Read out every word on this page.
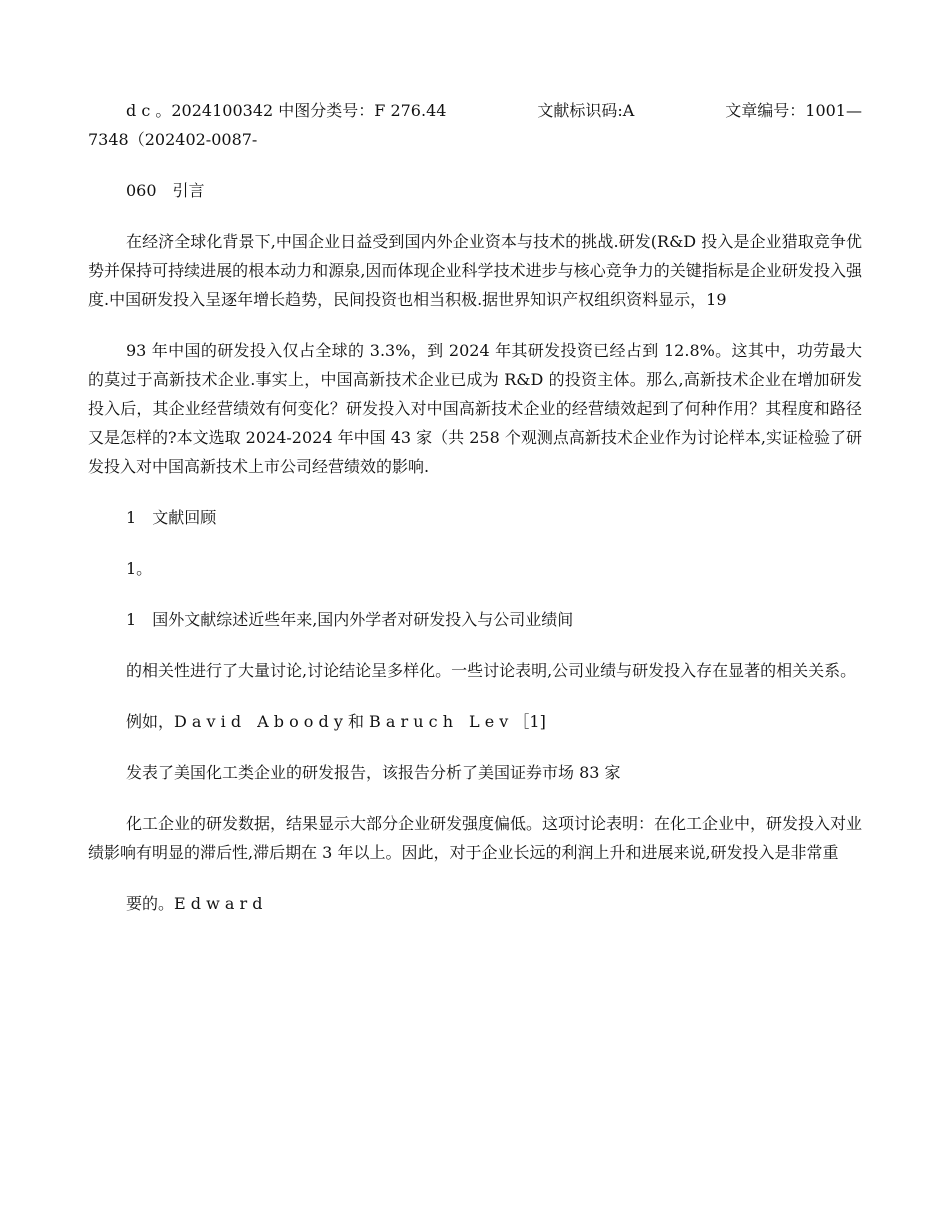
d c 。2024100342 中图分类号：F 276.44	文献标识码:A	文章编号：1001—

7348（202402-0087-

060 引言

在经济全球化背景下,中国企业日益受到国内外企业资本与技术的挑战.研发(R&D 投入是企业猎取竞争优势并保持可持续进展的根本动力和源泉,因而体现企业科学技术进步与核心竞争力的关键指标是企业研发投入强度.中国研发投入呈逐年增长趋势，民间投资也相当积极.据世界知识产权组织资料显示，19

93 年中国的研发投入仅占全球的 3.3%，到 2024 年其研发投资已经占到 12.8%。这其中，功劳最大的莫过于高新技术企业.事实上，中国高新技术企业已成为 R&D 的投资主体。那么,高新技术企业在增加研发投入后，其企业经营绩效有何变化？研发投入对中国高新技术企业的经营绩效起到了何种作用？其程度和路径又是怎样的?本文选取 2024-2024 年中国 43 家（共 258 个观测点高新技术企业作为讨论样本,实证检验了研发投入对中国高新技术上市公司经营绩效的影响.

1 文献回顾

1。

1 国外文献综述近些年来,国内外学者对研发投入与公司业绩间

的相关性进行了大量讨论,讨论结论呈多样化。一些讨论表明,公司业绩与研发投入存在显著的相关关系。

例如，D a v i d　A b o o d y 和 B a r u c h　L e v ［1]

发表了美国化工类企业的研发报告，该报告分析了美国证券市场 83 家

化工企业的研发数据，结果显示大部分企业研发强度偏低。这项讨论表明：在化工企业中，研发投入对业绩影响有明显的滞后性,滞后期在 3 年以上。因此，对于企业长远的利润上升和进展来说,研发投入是非常重

要的。E d w a r d
